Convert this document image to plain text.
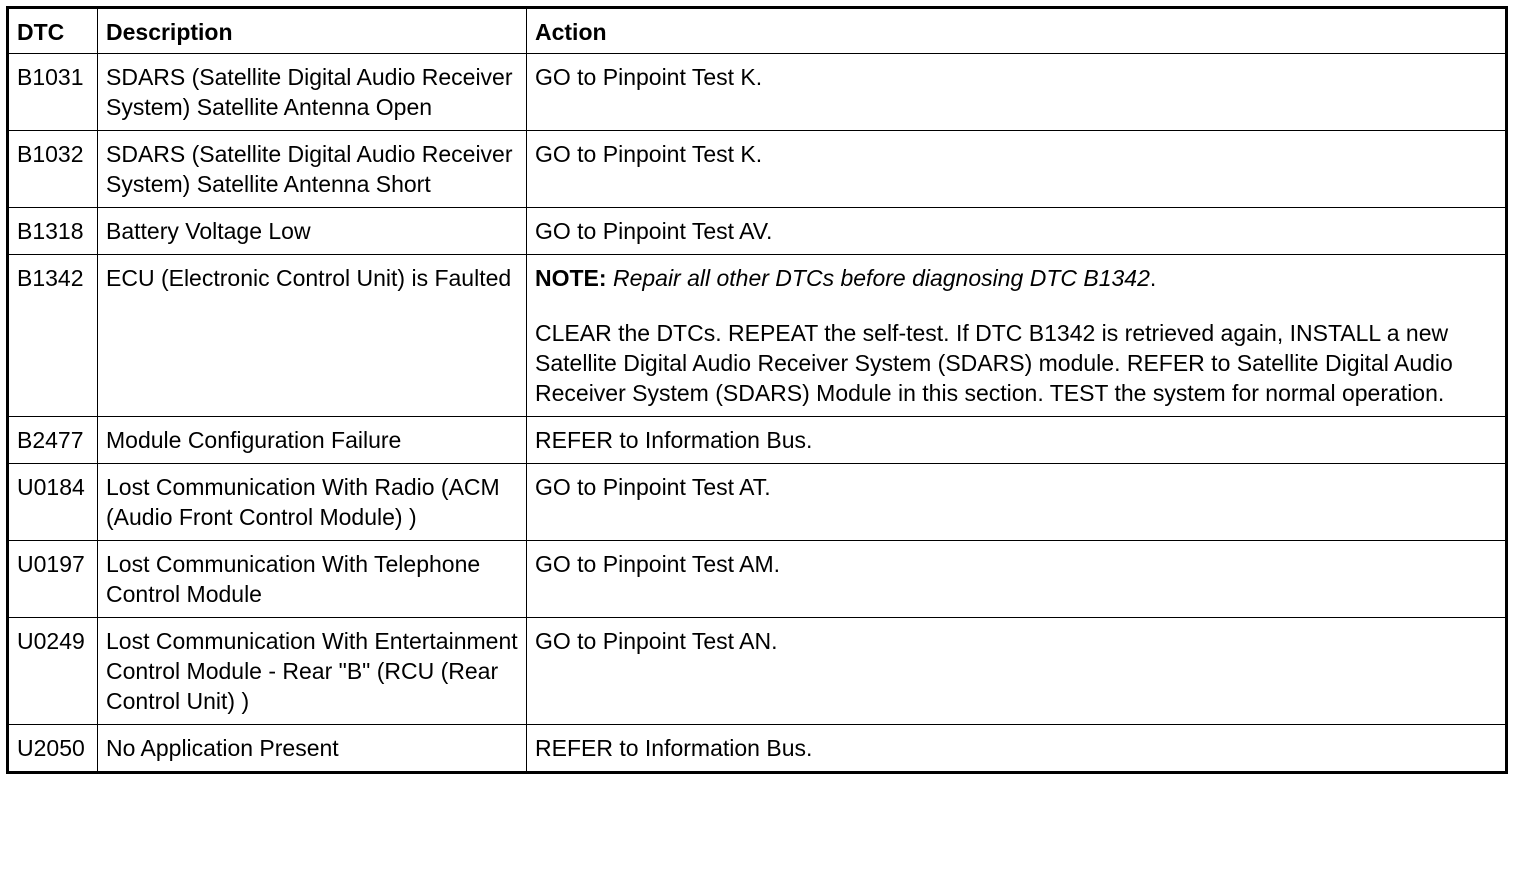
DTC	Description	Action
B1031	SDARS (Satellite Digital Audio Receiver System) Satellite Antenna Open	GO to Pinpoint Test K.
B1032	SDARS (Satellite Digital Audio Receiver System) Satellite Antenna Short	GO to Pinpoint Test K.
B1318	Battery Voltage Low	GO to Pinpoint Test AV.
B1342	ECU (Electronic Control Unit) is Faulted	NOTE: Repair all other DTCs before diagnosing DTC B1342.

CLEAR the DTCs. REPEAT the self-test. If DTC B1342 is retrieved again, INSTALL a new Satellite Digital Audio Receiver System (SDARS) module. REFER to Satellite Digital Audio Receiver System (SDARS) Module in this section. TEST the system for normal operation.

B2477	Module Configuration Failure	REFER to Information Bus.
U0184	Lost Communication With Radio (ACM (Audio Front Control Module) )	GO to Pinpoint Test AT.
U0197	Lost Communication With Telephone Control Module	GO to Pinpoint Test AM.
U0249	Lost Communication With Entertainment Control Module - Rear "B" (RCU (Rear Control Unit) )	GO to Pinpoint Test AN.
U2050	No Application Present	REFER to Information Bus.
